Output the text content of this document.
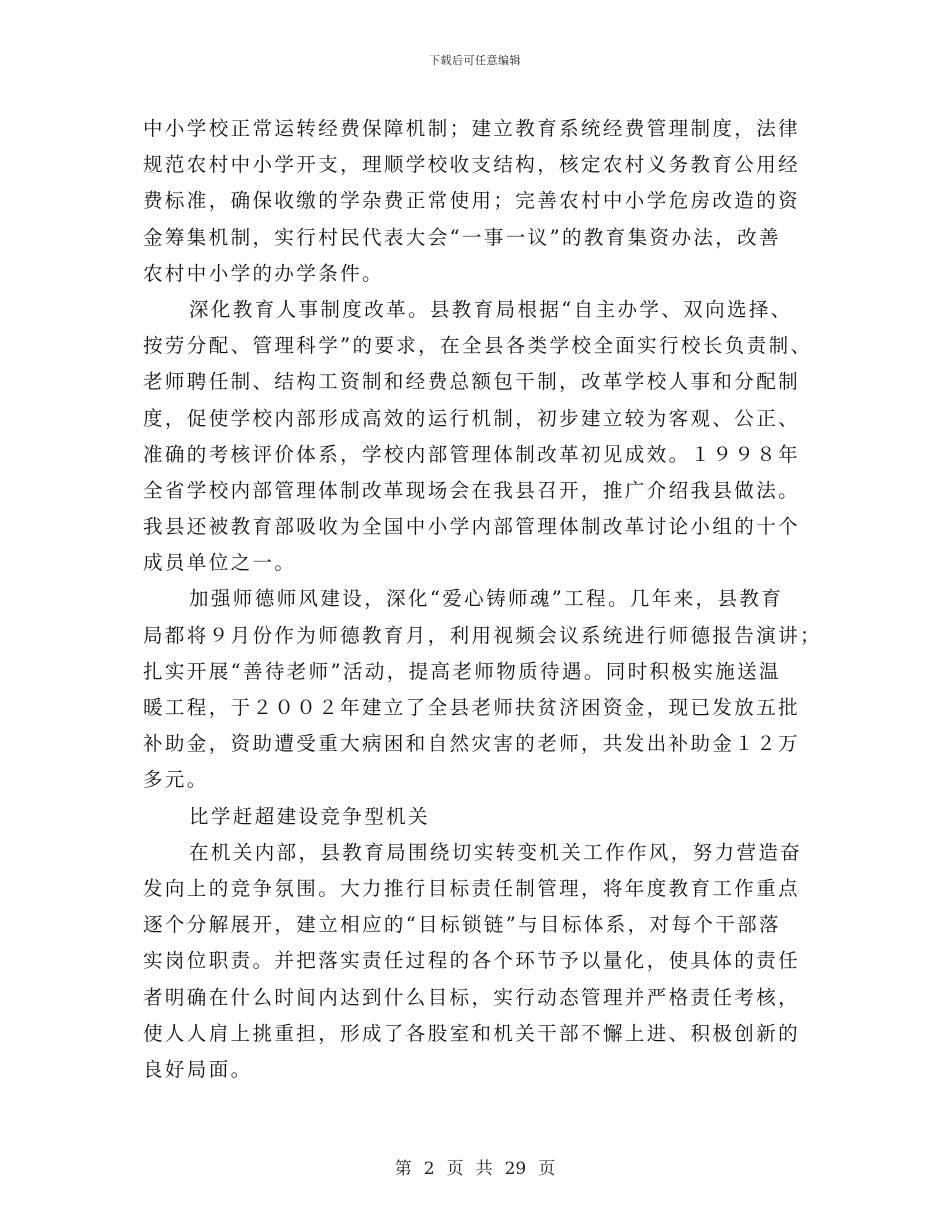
下载后可任意编辑
中小学校正常运转经费保障机制；建立教育系统经费管理制度，法律
规范农村中小学开支，理顺学校收支结构，核定农村义务教育公用经
费标准，确保收缴的学杂费正常使用；完善农村中小学危房改造的资
金筹集机制，实行村民代表大会“一事一议”的教育集资办法，改善
农村中小学的办学条件。
深化教育人事制度改革。县教育局根据“自主办学、双向选择、
按劳分配、管理科学”的要求，在全县各类学校全面实行校长负责制、
老师聘任制、结构工资制和经费总额包干制，改革学校人事和分配制
度，促使学校内部形成高效的运行机制，初步建立较为客观、公正、
准确的考核评价体系，学校内部管理体制改革初见成效。１９９８年
全省学校内部管理体制改革现场会在我县召开，推广介绍我县做法。
我县还被教育部吸收为全国中小学内部管理体制改革讨论小组的十个
成员单位之一。
加强师德师风建设，深化“爱心铸师魂”工程。几年来，县教育
局都将９月份作为师德教育月，利用视频会议系统进行师德报告演讲；
扎实开展“善待老师”活动，提高老师物质待遇。同时积极实施送温
暖工程，于２００２年建立了全县老师扶贫济困资金，现已发放五批
补助金，资助遭受重大病困和自然灾害的老师，共发出补助金１２万
多元。
比学赶超建设竞争型机关
在机关内部，县教育局围绕切实转变机关工作作风，努力营造奋
发向上的竞争氛围。大力推行目标责任制管理，将年度教育工作重点
逐个分解展开，建立相应的“目标锁链”与目标体系，对每个干部落
实岗位职责。并把落实责任过程的各个环节予以量化，使具体的责任
者明确在什么时间内达到什么目标，实行动态管理并严格责任考核，
使人人肩上挑重担，形成了各股室和机关干部不懈上进、积极创新的
良好局面。
第 2 页 共 29 页
